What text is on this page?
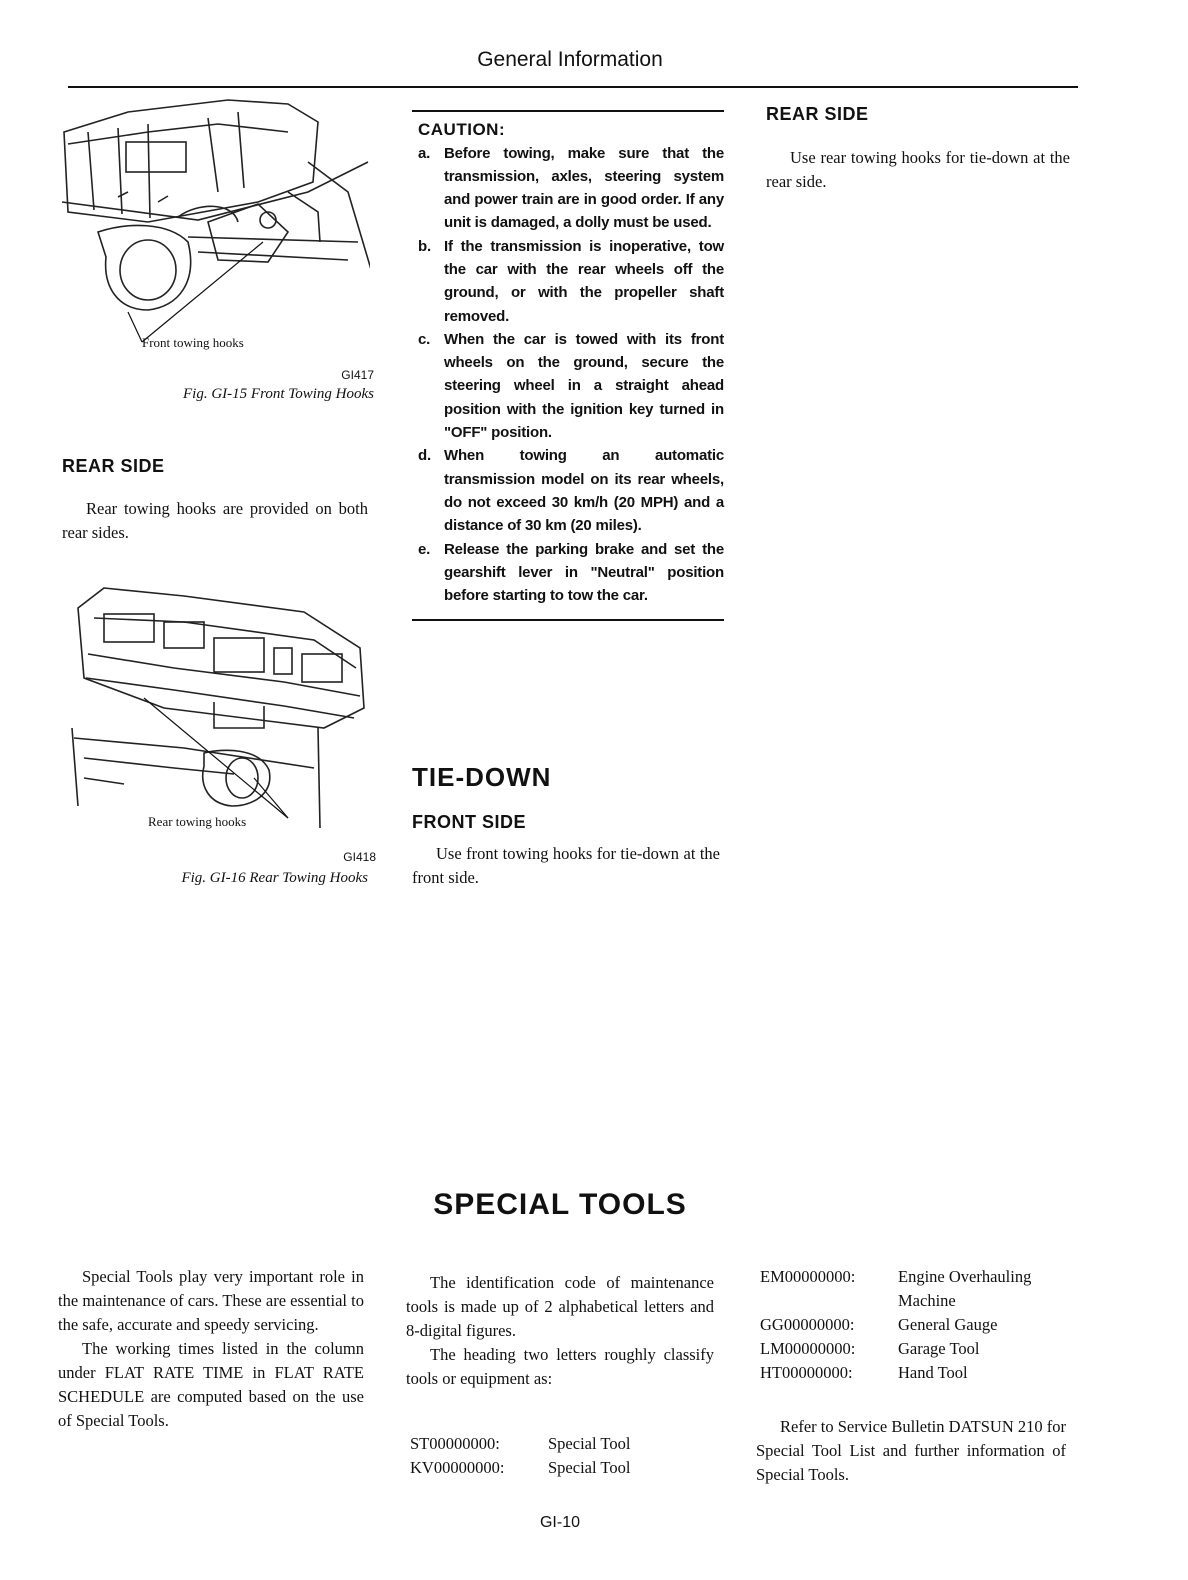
General Information
Front towing hooks
GI417
Fig. GI-15 Front Towing Hooks
REAR SIDE

Rear towing hooks are provided on both rear sides.

Rear towing hooks
GI418
Fig. GI-16 Rear Towing Hooks
CAUTION:
a. Before towing, make sure that the transmission, axles, steering system and power train are in good order. If any unit is damaged, a dolly must be used.
b. If the transmission is inoperative, tow the car with the rear wheels off the ground, or with the propeller shaft removed.
c. When the car is towed with its front wheels on the ground, secure the steering wheel in a straight ahead position with the ignition key turned in "OFF" position.
d. When towing an automatic transmission model on its rear wheels, do not exceed 30 km/h (20 MPH) and a distance of 30 km (20 miles).
e. Release the parking brake and set the gearshift lever in "Neutral" position before starting to tow the car.
REAR SIDE

Use rear towing hooks for tie-down at the rear side.

TIE-DOWN
FRONT SIDE

Use front towing hooks for tie-down at the front side.

SPECIAL TOOLS

Special Tools play very important role in the maintenance of cars. These are essential to the safe, accurate and speedy servicing.

The working times listed in the column under FLAT RATE TIME in FLAT RATE SCHEDULE are computed based on the use of Special Tools.

The identification code of maintenance tools is made up of 2 alphabetical letters and 8-digital figures.

The heading two letters roughly classify tools or equipment as:

ST00000000:	Special Tool
KV00000000:	Special Tool
EM00000000:	Engine Overhauling Machine
GG00000000:	General Gauge
LM00000000:	Garage Tool
HT00000000:	Hand Tool

Refer to Service Bulletin DATSUN 210 for Special Tool List and further information of Special Tools.

GI-10
